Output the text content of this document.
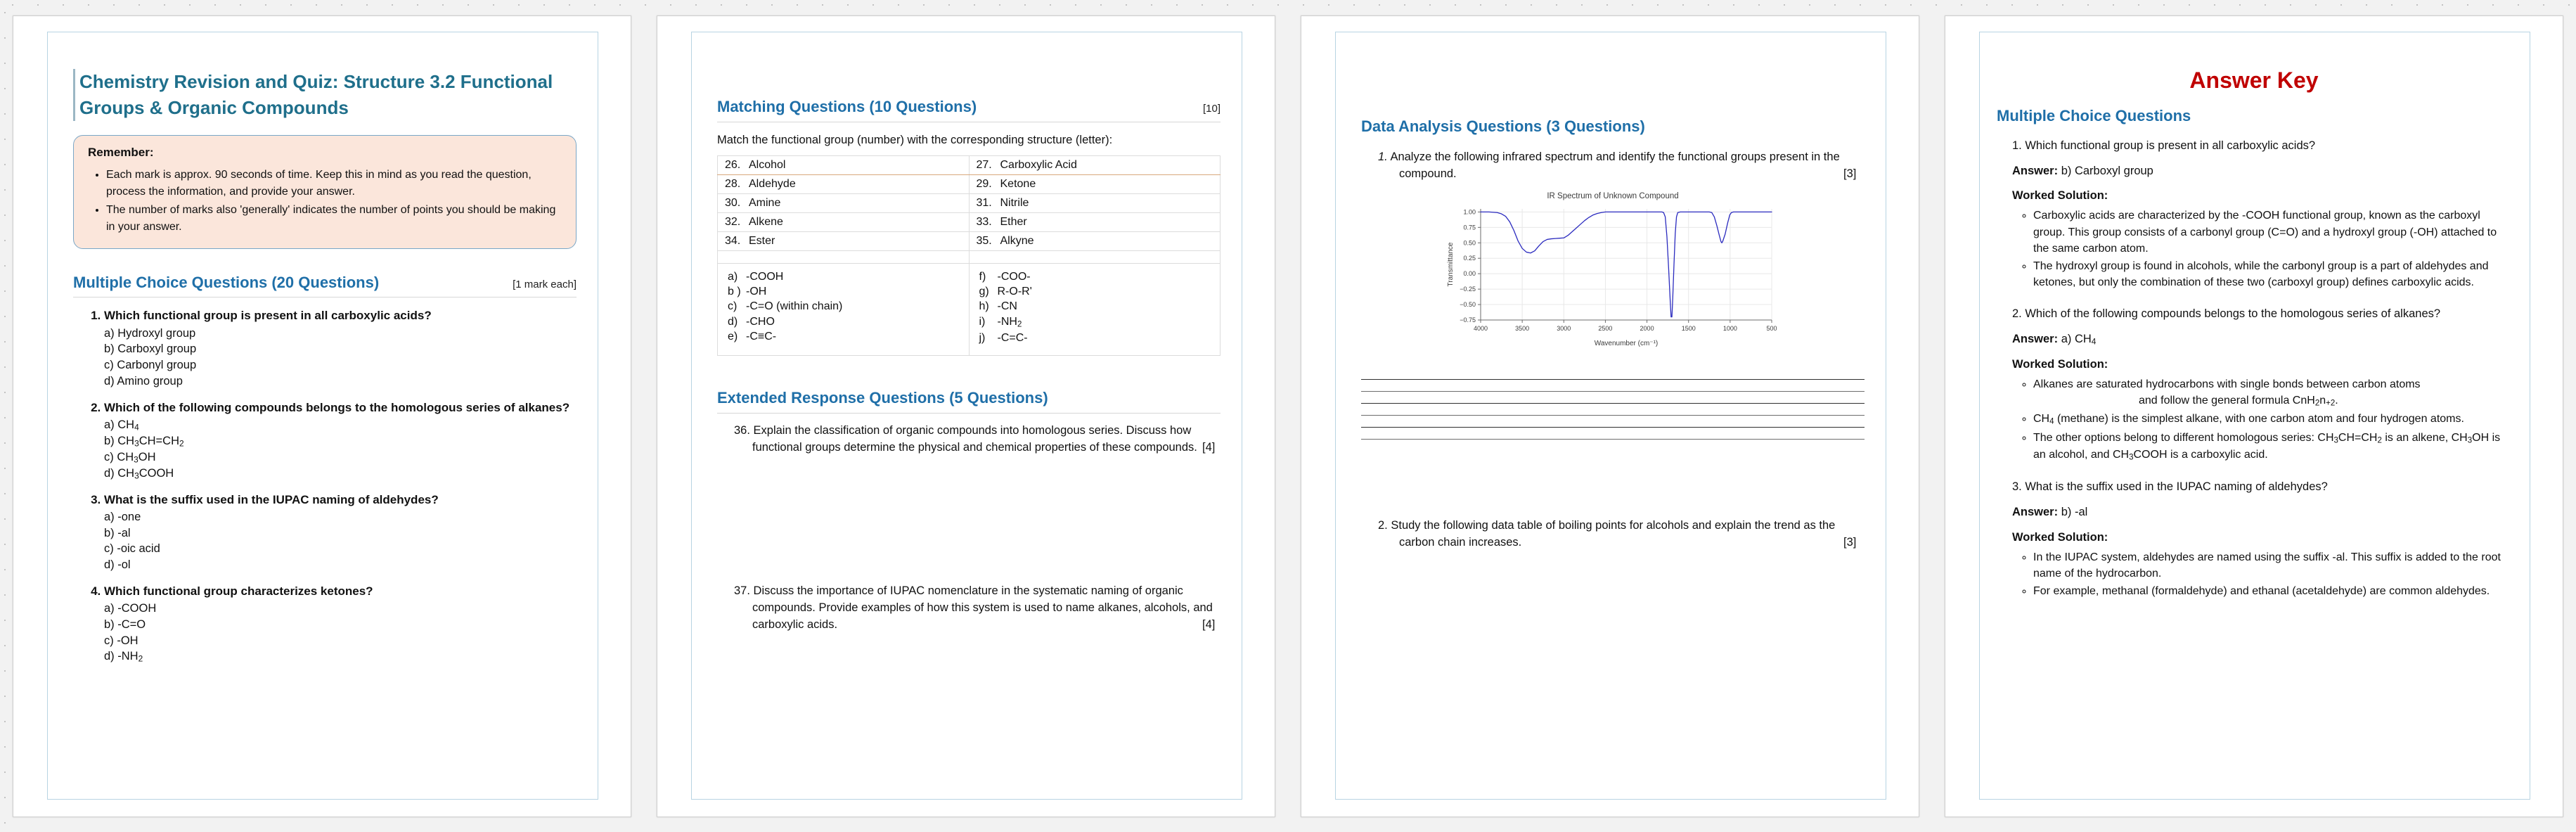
Chemistry Revision and Quiz: Structure 3.2 Functional Groups & Organic Compounds

Remember:

• Each mark is approx. 90 seconds of time. Keep this in mind as you read the question, process the information, and provide your answer.
• The number of marks also 'generally' indicates the number of points you should be making in your answer.
Multiple Choice Questions (20 Questions)	[1 mark each]
1. Which functional group is present in all carboxylic acids?
a) Hydroxyl group
b) Carboxyl group
c) Carbonyl group
d) Amino group
2. Which of the following compounds belongs to the homologous series of alkanes?
a) $CH_4$
b) $CH_3CH=CH_2$
c) $CH_3OH$
d) $CH_3COOH$
3. What is the suffix used in the IUPAC naming of aldehydes?
a) -one
b) -al
c) -oic acid
d) -ol
4. Which functional group characterizes ketones?
a) -COOH
b) -C=O
c) -OH
d) $-NH_2$
Matching Questions (10 Questions)	[10]

Match the functional group (number) with the corresponding structure (letter):

26. Alcohol	27. Carboxylic Acid
28. Aldehyde	29. Ketone
30. Amine	31. Nitrile
32. Alkene	33. Ether
34. Ester	35. Alkyne

a) -COOH
b ) -OH
c) -C=O (within chain)
d) -CHO
e) -C≡C-

f) -COO-
g) R-O-R'
h) -CN
i) $-NH_2$
j) -C=C-
Extended Response Questions (5 Questions)
36. Explain the classification of organic compounds into homologous series. Discuss how functional groups determine the physical and chemical properties of these compounds. [4]
37. Discuss the importance of IUPAC nomenclature in the systematic naming of organic compounds. Provide examples of how this system is used to name alkanes, alcohols, and carboxylic acids.	[4]
Data Analysis Questions (3 Questions)
1. Analyze the following infrared spectrum and identify the functional groups present in the compound.	[3]
IR Spectrum of Unknown Compound
4000	3500	3000	2500	2000	1500	1000	500
1.00
0.75
0.50
0.25
0.00
−0.25
−0.50
−0.75
Wavenumber (cm⁻¹)
Transmittance
2. Study the following data table of boiling points for alcohols and explain the trend as the carbon chain increases.	[3]
Answer Key
Multiple Choice Questions
1. Which functional group is present in all carboxylic acids?

Answer: b) Carboxyl group

Worked Solution:

◦ Carboxylic acids are characterized by the -COOH functional group, known as the carboxyl group. This group consists of a carbonyl group (C=O) and a hydroxyl group (-OH) attached to the same carbon atom.
◦ The hydroxyl group is found in alcohols, while the carbonyl group is a part of aldehydes and ketones, but only the combination of these two (carboxyl group) defines carboxylic acids.
2. Which of the following compounds belongs to the homologous series of alkanes?

Answer: a) $CH_4$

Worked Solution:

◦ Alkanes are saturated hydrocarbons with single bonds between carbon atomsand follow the general formula $CnH_2n_{+2}$.
◦ $CH_4$ (methane) is the simplest alkane, with one carbon atom and four hydrogen atoms.
◦ The other options belong to different homologous series: $CH_3CH=CH_2$ is an alkene, $CH_3OH$ is an alcohol, and $CH_3COOH$ is a carboxylic acid.
3. What is the suffix used in the IUPAC naming of aldehydes?

Answer: b) -al

Worked Solution:

◦ In the IUPAC system, aldehydes are named using the suffix -al. This suffix is added to the root name of the hydrocarbon.
◦ For example, methanal (formaldehyde) and ethanal (acetaldehyde) are common aldehydes.
